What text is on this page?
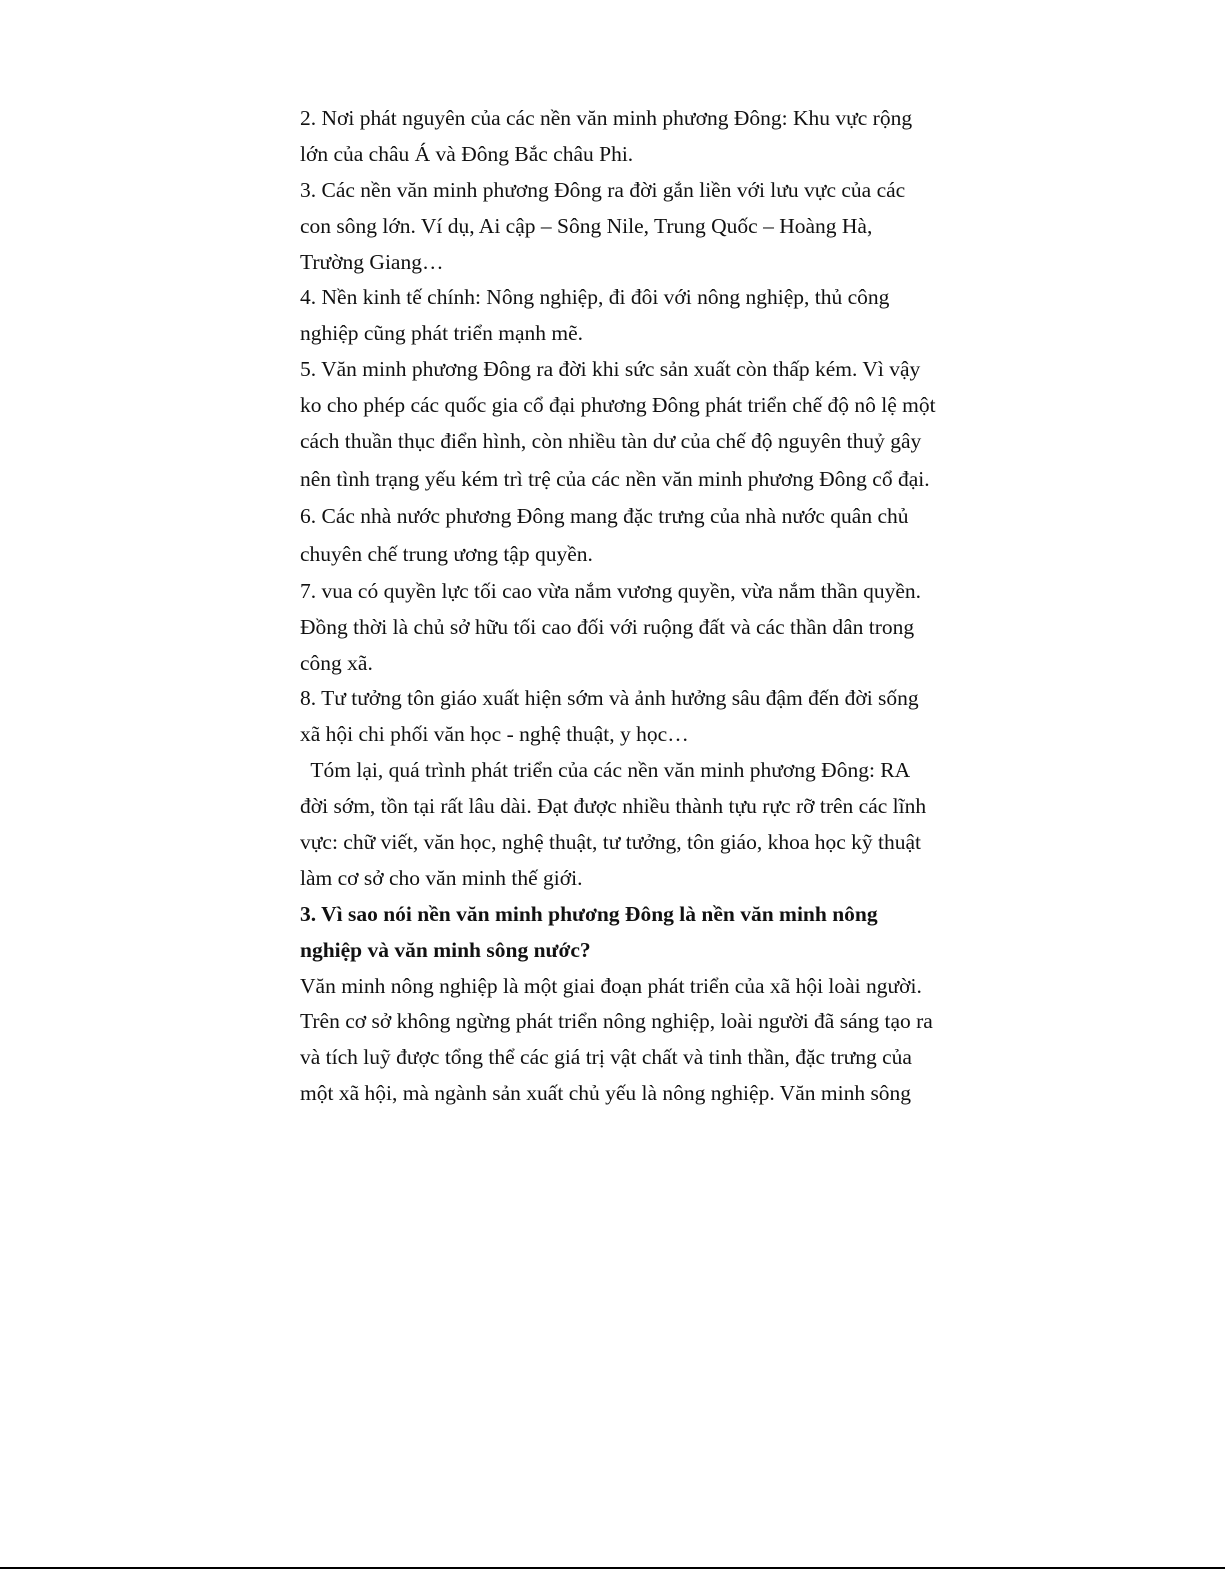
2. Nơi phát nguyên của các nền văn minh phương Đông: Khu vực rộng
lớn của châu Á và Đông Bắc châu Phi.
3. Các nền văn minh phương Đông ra đời gắn liền với lưu vực của các
con sông lớn. Ví dụ, Ai cập – Sông Nile, Trung Quốc – Hoàng Hà,
Trường Giang…
4. Nền kinh tế chính: Nông nghiệp, đi đôi với nông nghiệp, thủ công
nghiệp cũng phát triển mạnh mẽ.
5. Văn minh phương Đông ra đời khi sức sản xuất còn thấp kém. Vì vậy
ko cho phép các quốc gia cổ đại phương Đông phát triển chế độ nô lệ một
cách thuần thục điển hình, còn nhiều tàn dư của chế độ nguyên thuỷ gây
nên tình trạng yếu kém trì trệ của các nền văn minh phương Đông cổ đại.
6. Các nhà nước phương Đông mang đặc trưng của nhà nước quân chủ
chuyên chế trung ương tập quyền.
7. vua có quyền lực tối cao vừa nắm vương quyền, vừa nắm thần quyền.
Đồng thời là chủ sở hữu tối cao đối với ruộng đất và các thần dân trong
công xã.
8. Tư tưởng tôn giáo xuất hiện sớm và ảnh hưởng sâu đậm đến đời sống
xã hội chi phối văn học - nghệ thuật, y học…
Tóm lại, quá trình phát triển của các nền văn minh phương Đông: RA
đời sớm, tồn tại rất lâu dài. Đạt được nhiều thành tựu rực rỡ trên các lĩnh
vực: chữ viết, văn học, nghệ thuật, tư tưởng, tôn giáo, khoa học kỹ thuật
làm cơ sở cho văn minh thế giới.
3. Vì sao nói nền văn minh phương Đông là nền văn minh nông
nghiệp và văn minh sông nước?
Văn minh nông nghiệp là một giai đoạn phát triển của xã hội loài người.
Trên cơ sở không ngừng phát triển nông nghiệp, loài người đã sáng tạo ra
và tích luỹ được tổng thể các giá trị vật chất và tinh thần, đặc trưng của
một xã hội, mà ngành sản xuất chủ yếu là nông nghiệp. Văn minh sông
